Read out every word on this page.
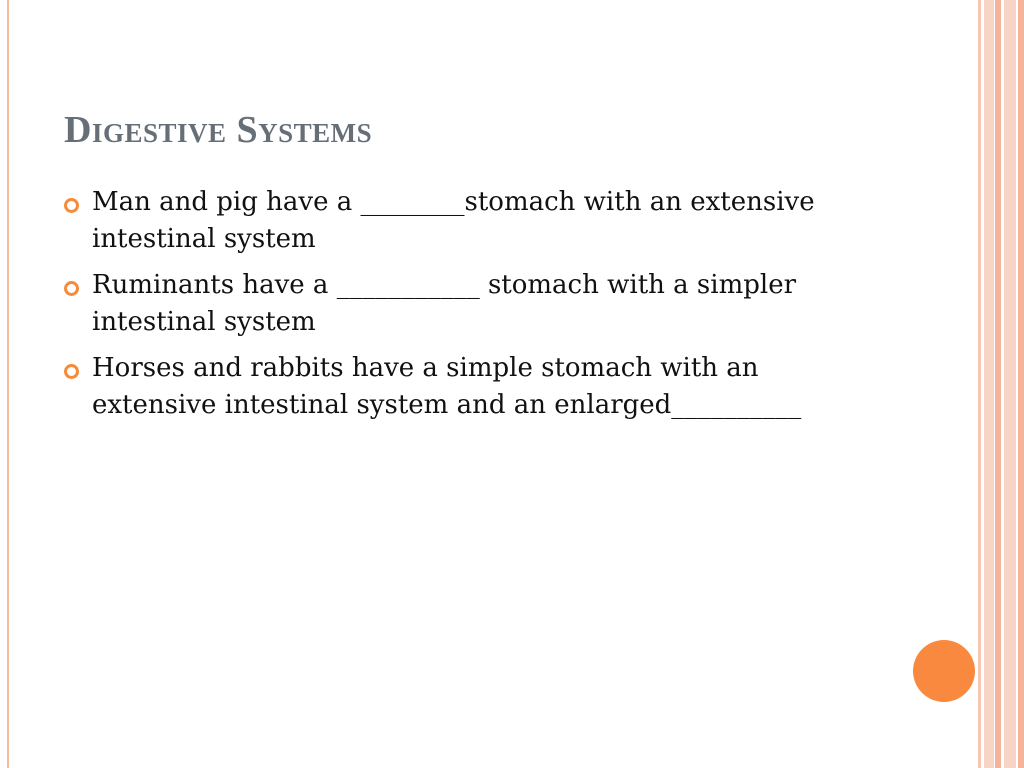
Digestive Systems
Man and pig have a ________stomach with an extensive intestinal system
Ruminants have a ___________ stomach with a simpler intestinal system
Horses and rabbits have a simple stomach with an  extensive intestinal system and an enlarged__________
